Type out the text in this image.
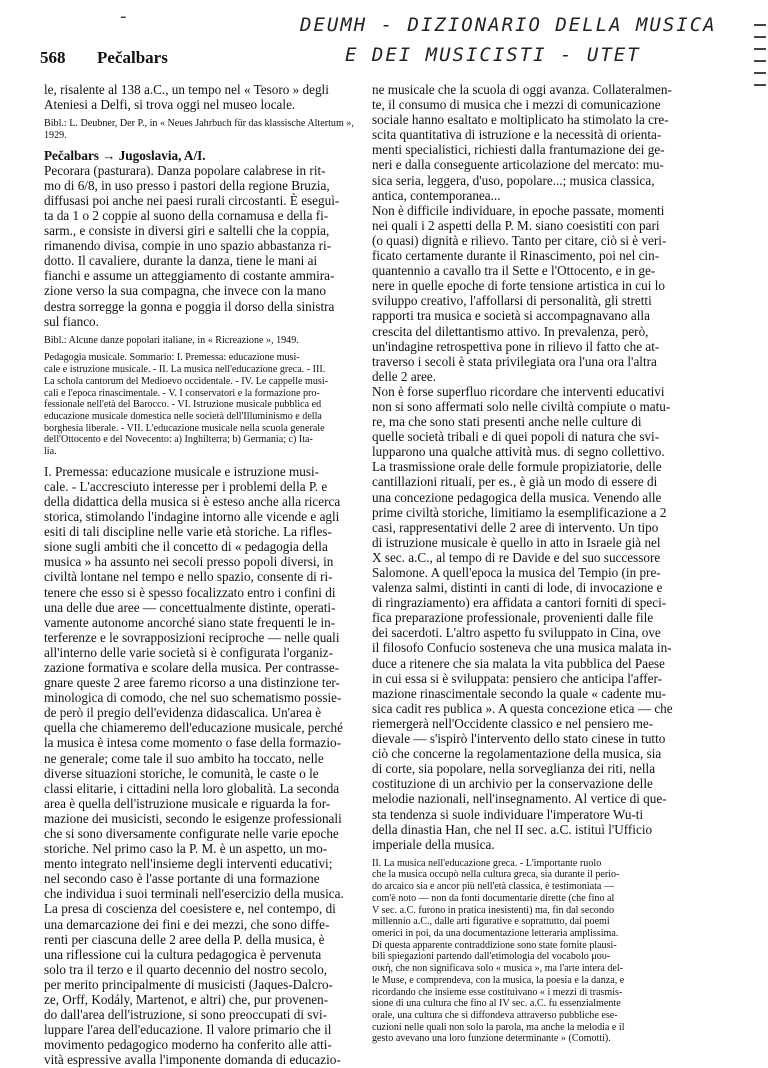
DEUMH - DIZIONARIO DELLA MUSICA
E DEI MUSICISTI - UTET
-
568 Pečalbars
le, risalente al 138 a.C., un tempo nel « Tesoro » degli
Ateniesi a Delfi, si trova oggi nel museo locale.
Bibl.: L. Deubner, Der P., in « Neues Jahrbuch für das klassische Altertum »,
1929.
Pečalbars → Jugoslavia, A/I.
Pecorara (pasturara). Danza popolare calabrese in rit-
mo di 6/8, in uso presso i pastori della regione Bruzia,
diffusasi poi anche nei paesi rurali circostanti. È eseguì-
ta da 1 o 2 coppie al suono della cornamusa e della fi-
sarm., e consiste in diversi giri e saltelli che la coppia,
rimanendo divisa, compie in uno spazio abbastanza ri-
dotto. Il cavaliere, durante la danza, tiene le mani ai
fianchi e assume un atteggiamento di costante ammira-
zione verso la sua compagna, che invece con la mano
destra sorregge la gonna e poggia il dorso della sinistra
sul fianco.
Bibl.: Alcune danze popolari italiane, in « Ricreazione », 1949.
Pedagogia musicale. Sommario: I. Premessa: educazione musi-
cale e istruzione musicale. - II. La musica nell'educazione greca. - III.
La schola cantorum del Medioevo occidentale. - IV. Le cappelle musi-
cali e l'epoca rinascimentale. - V. I conservatori e la formazione pro-
fessionale nell'età del Barocco. - VI. Istruzione musicale pubblica ed
educazione musicale domestica nelle società dell'Illuminismo e della
borghesia liberale. - VII. L'educazione musicale nella scuola generale
dell'Ottocento e del Novecento: a) Inghilterra; b) Germania; c) Ita-
lia.
I. Premessa: educazione musicale e istruzione musi-
cale. - L'accresciuto interesse per i problemi della P. e
della didattica della musica si è esteso anche alla ricerca
storica, stimolando l'indagine intorno alle vicende e agli
esiti di tali discipline nelle varie età storiche. La rifles-
sione sugli ambiti che il concetto di « pedagogia della
musica » ha assunto nei secoli presso popoli diversi, in
civiltà lontane nel tempo e nello spazio, consente di ri-
tenere che esso si è spesso focalizzato entro i confini di
una delle due aree — concettualmente distinte, operati-
vamente autonome ancorché siano state frequenti le in-
terferenze e le sovrapposizioni reciproche — nelle quali
all'interno delle varie società si è configurata l'organiz-
zazione formativa e scolare della musica. Per contrasse-
gnare queste 2 aree faremo ricorso a una distinzione ter-
minologica di comodo, che nel suo schematismo possie-
de però il pregio dell'evidenza didascalica. Un'area è
quella che chiameremo dell'educazione musicale, perché
la musica è intesa come momento o fase della formazio-
ne generale; come tale il suo ambito ha toccato, nelle
diverse situazioni storiche, le comunità, le caste o le
classi elitarie, i cittadini nella loro globalità. La seconda
area è quella dell'istruzione musicale e riguarda la for-
mazione dei musicisti, secondo le esigenze professionali
che si sono diversamente configurate nelle varie epoche
storiche. Nel primo caso la P. M. è un aspetto, un mo-
mento integrato nell'insieme degli interventi educativi;
nel secondo caso è l'asse portante di una formazione
che individua i suoi terminali nell'esercizio della musica.
La presa di coscienza del coesistere e, nel contempo, di
una demarcazione dei fini e dei mezzi, che sono diffe-
renti per ciascuna delle 2 aree della P. della musica, è
una riflessione cui la cultura pedagogica è pervenuta
solo tra il terzo e il quarto decennio del nostro secolo,
per merito principalmente di musicisti (Jaques-Dalcro-
ze, Orff, Kodály, Martenot, e altri) che, pur provenen-
do dall'area dell'istruzione, si sono preoccupati di svi-
luppare l'area dell'educazione. Il valore primario che il
movimento pedagogico moderno ha conferito alle atti-
vità espressive avalla l'imponente domanda di educazio-
ne musicale che la scuola di oggi avanza. Collateralmen-
te, il consumo di musica che i mezzi di comunicazione
sociale hanno esaltato e moltiplicato ha stimolato la cre-
scita quantitativa di istruzione e la necessità di orienta-
menti specialistici, richiesti dalla frantumazione dei ge-
neri e dalla conseguente articolazione del mercato: mu-
sica seria, leggera, d'uso, popolare...; musica classica,
antica, contemporanea...
Non è difficile individuare, in epoche passate, momenti
nei quali i 2 aspetti della P. M. siano coesistiti con pari
(o quasi) dignità e rilievo. Tanto per citare, ciò si è veri-
ficato certamente durante il Rinascimento, poi nel cin-
quantennio a cavallo tra il Sette e l'Ottocento, e in ge-
nere in quelle epoche di forte tensione artistica in cui lo
sviluppo creativo, l'affollarsi di personalità, gli stretti
rapporti tra musica e società si accompagnavano alla
crescita del dilettantismo attivo. In prevalenza, però,
un'indagine retrospettiva pone in rilievo il fatto che at-
traverso i secoli è stata privilegiata ora l'una ora l'altra
delle 2 aree.
Non è forse superfluo ricordare che interventi educativi
non si sono affermati solo nelle civiltà compiute o matu-
re, ma che sono stati presenti anche nelle culture di
quelle società tribali e di quei popoli di natura che svi-
lupparono una qualche attività mus. di segno collettivo.
La trasmissione orale delle formule propiziatorie, delle
cantillazioni rituali, per es., è già un modo di essere di
una concezione pedagogica della musica. Venendo alle
prime civiltà storiche, limitiamo la esemplificazione a 2
casi, rappresentativi delle 2 aree di intervento. Un tipo
di istruzione musicale è quello in atto in Israele già nel
X sec. a.C., al tempo di re Davide e del suo successore
Salomone. A quell'epoca la musica del Tempio (in pre-
valenza salmi, distinti in canti di lode, di invocazione e
di ringraziamento) era affidata a cantori forniti di speci-
fica preparazione professionale, provenienti dalle file
dei sacerdoti. L'altro aspetto fu sviluppato in Cina, ove
il filosofo Confucio sosteneva che una musica malata in-
duce a ritenere che sia malata la vita pubblica del Paese
in cui essa si è sviluppata: pensiero che anticipa l'affer-
mazione rinascimentale secondo la quale « cadente mu-
sica cadit res publica ». A questa concezione etica — che
riemergerà nell'Occidente classico e nel pensiero me-
dievale — s'ispirò l'intervento dello stato cinese in tutto
ciò che concerne la regolamentazione della musica, sia
di corte, sia popolare, nella sorveglianza dei riti, nella
costituzione di un archivio per la conservazione delle
melodie nazionali, nell'insegnamento. Al vertice di que-
sta tendenza si suole individuare l'imperatore Wu-ti
della dinastia Han, che nel II sec. a.C. istituì l'Ufficio
imperiale della musica.
II. La musica nell'educazione greca. - L'importante ruolo
che la musica occupò nella cultura greca, sia durante il perio-
do arcaico sia e ancor più nell'età classica, è testimoniata —
com'è noto — non da fonti documentarie dirette (che fino al
V sec. a.C. furono in pratica inesistenti) ma, fin dal secondo
millennio a.C., dalle arti figurative e soprattutto, dai poemi
omerici in poi, da una documentazione letteraria amplissima.
Di questa apparente contraddizione sono state fornite plausi-
bili spiegazioni partendo dall'etimologia del vocabolo μου-
σική, che non significava solo « musica », ma l'arte intera del-
le Muse, e comprendeva, con la musica, la poesia e la danza, e
ricordando che insieme esse costituivano « i mezzi di trasmis-
sione di una cultura che fino al IV sec. a.C. fu essenzialmente
orale, una cultura che si diffondeva attraverso pubbliche ese-
cuzioni nelle quali non solo la parola, ma anche la melodia e il
gesto avevano una loro funzione determinante » (Comotti).
